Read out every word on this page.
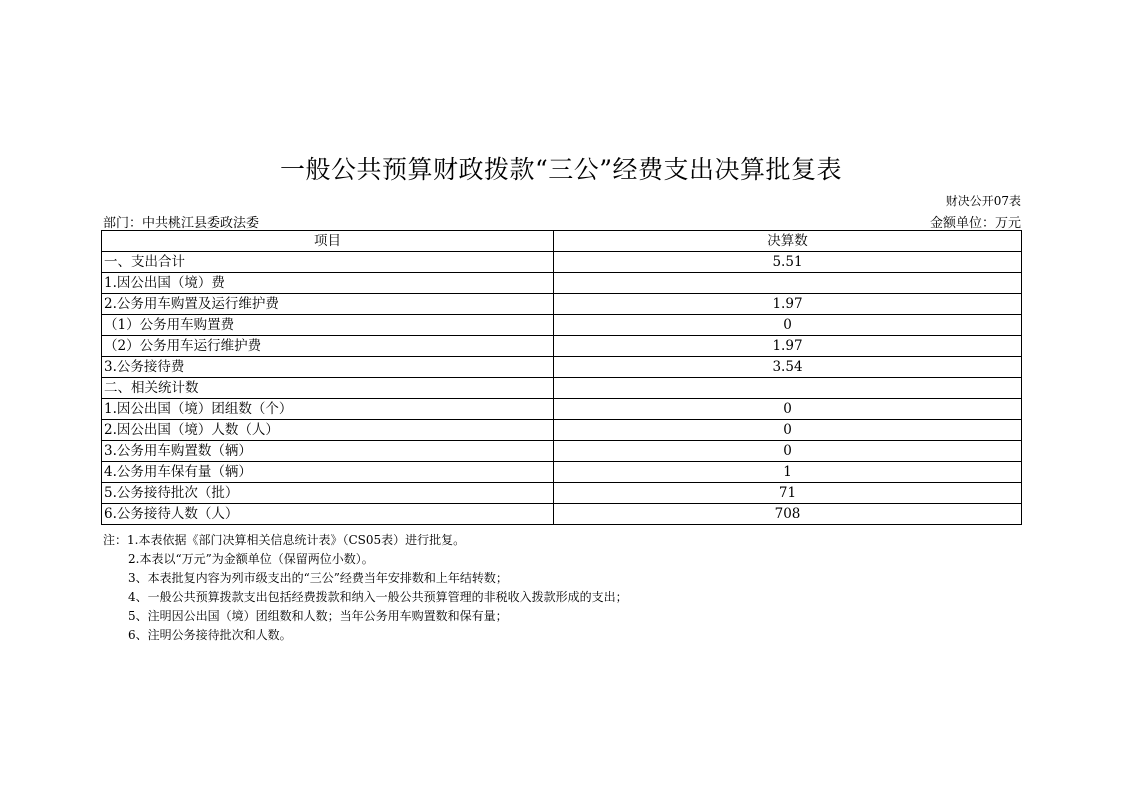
一般公共预算财政拨款“三公”经费支出决算批复表
财决公开07表
部门：中共桃江县委政法委	金额单位：万元
项目	决算数
一、支出合计	5.51
1.因公出国（境）费	
2.公务用车购置及运行维护费	1.97
（1）公务用车购置费	0
（2）公务用车运行维护费	1.97
3.公务接待费	3.54
二、相关统计数	
1.因公出国（境）团组数（个）	0
2.因公出国（境）人数（人）	0
3.公务用车购置数（辆）	0
4.公务用车保有量（辆）	1
5.公务接待批次（批）	71
6.公务接待人数（人）	708
注：1.本表依据《部门决算相关信息统计表》（CS05表）进行批复。
2.本表以“万元”为金额单位（保留两位小数）。
3、本表批复内容为列市级支出的“三公”经费当年安排数和上年结转数；
4、一般公共预算拨款支出包括经费拨款和纳入一般公共预算管理的非税收入拨款形成的支出；
5、注明因公出国（境）团组数和人数；当年公务用车购置数和保有量；
6、注明公务接待批次和人数。
